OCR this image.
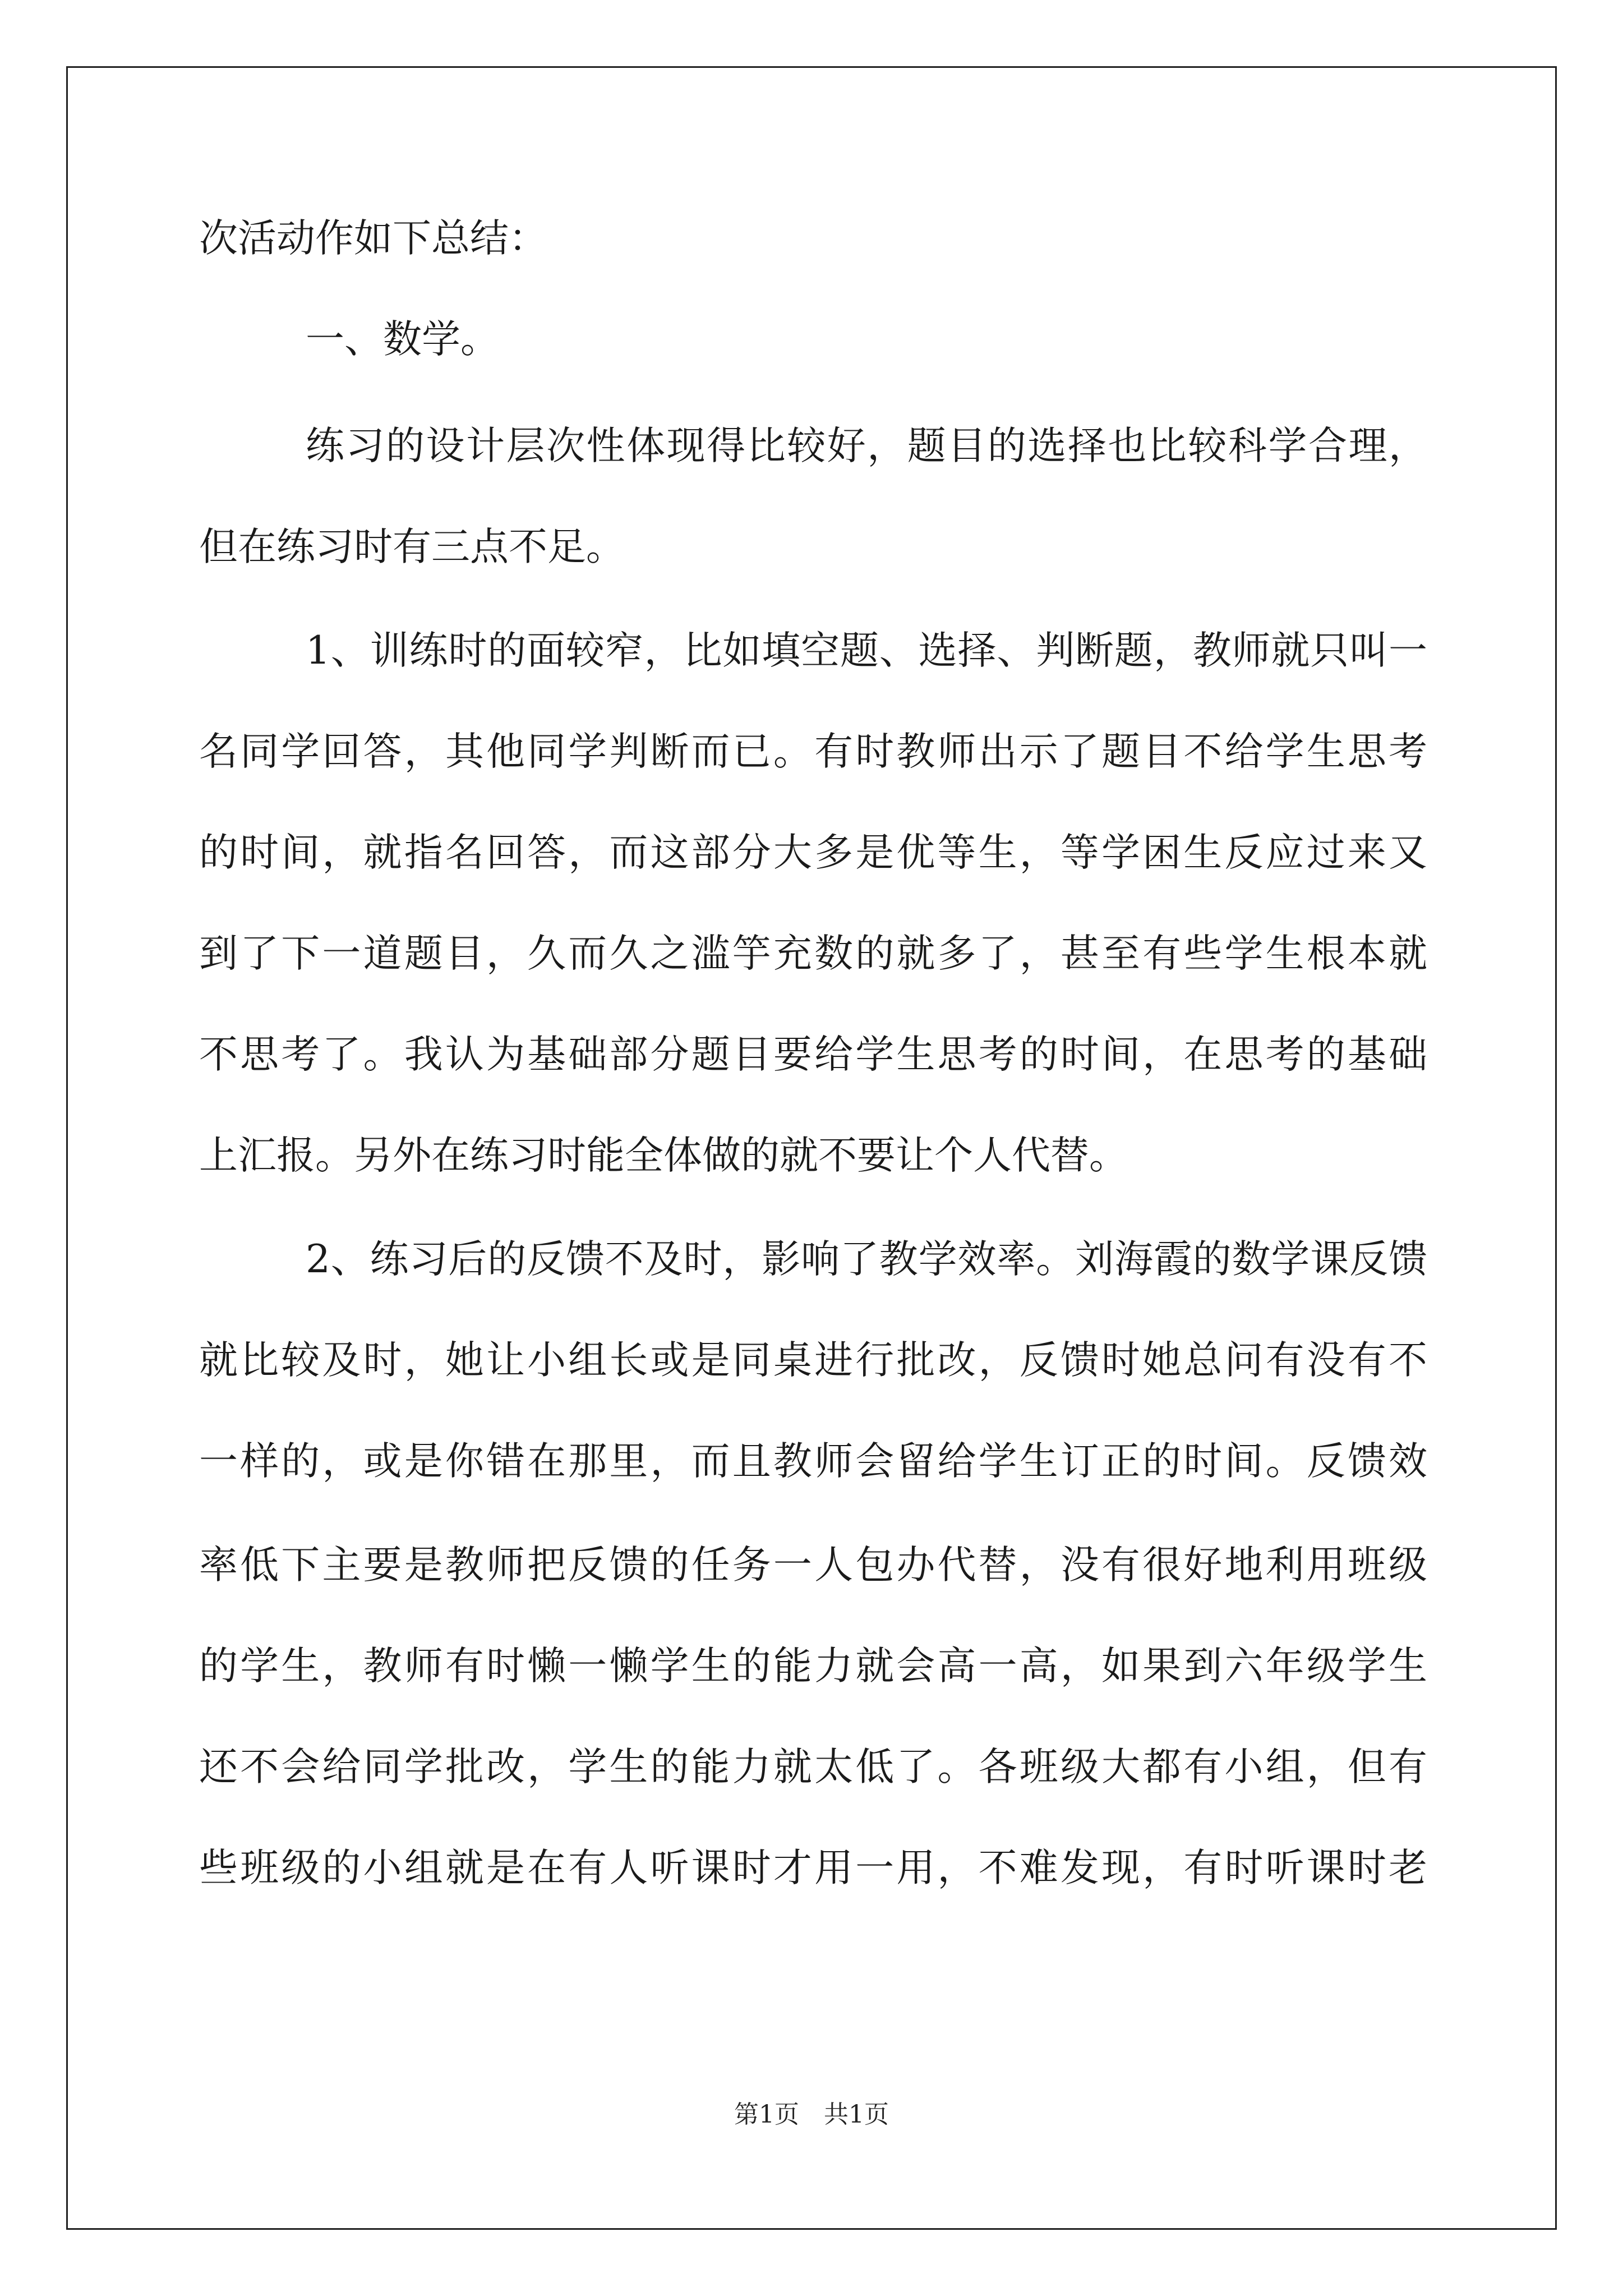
次活动作如下总结：
一、数学。
练习的设计层次性体现得比较好，题目的选择也比较科学合理，
但在练习时有三点不足。
1、训练时的面较窄，比如填空题、选择、判断题，教师就只叫一
名同学回答，其他同学判断而已。有时教师出示了题目不给学生思考
的时间，就指名回答，而这部分大多是优等生，等学困生反应过来又
到了下一道题目，久而久之滥竽充数的就多了，甚至有些学生根本就
不思考了。我认为基础部分题目要给学生思考的时间，在思考的基础
上汇报。另外在练习时能全体做的就不要让个人代替。
2、练习后的反馈不及时，影响了教学效率。刘海霞的数学课反馈
就比较及时，她让小组长或是同桌进行批改，反馈时她总问有没有不
一样的，或是你错在那里，而且教师会留给学生订正的时间。反馈效
率低下主要是教师把反馈的任务一人包办代替，没有很好地利用班级
的学生，教师有时懒一懒学生的能力就会高一高，如果到六年级学生
还不会给同学批改，学生的能力就太低了。各班级大都有小组，但有
些班级的小组就是在有人听课时才用一用，不难发现，有时听课时老
第1页　共1页
